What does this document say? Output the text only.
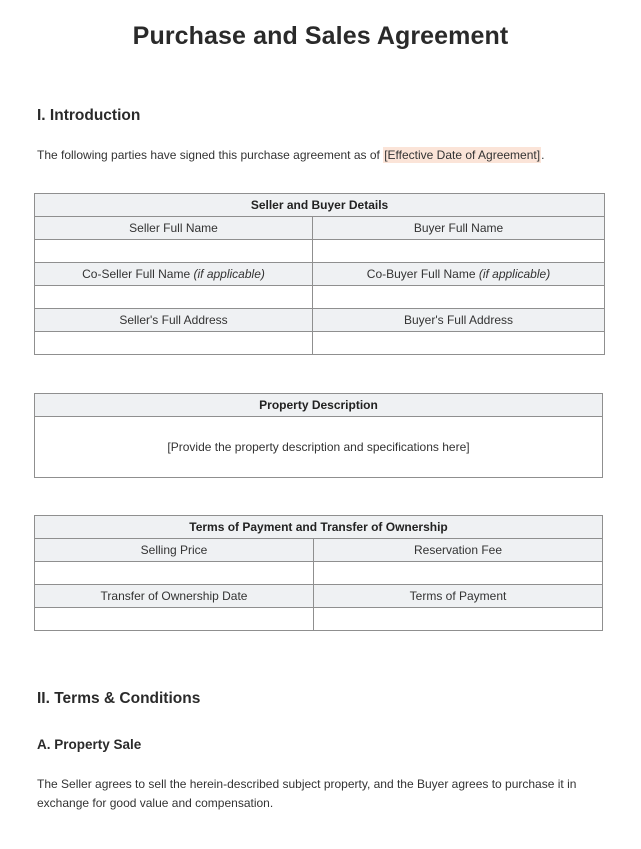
Purchase and Sales Agreement
I. Introduction

The following parties have signed this purchase agreement as of [Effective Date of Agreement].

Seller and Buyer Details	
Seller Full Name	Buyer Full Name

Co-Seller Full Name (if applicable)	Co-Buyer Full Name (if applicable)

Seller's Full Address	Buyer's Full Address

Property Description
[Provide the property description and specifications here]
Terms of Payment and Transfer of Ownership	
Selling Price	Reservation Fee

Transfer of Ownership Date	Terms of Payment

II. Terms & Conditions
A. Property Sale

The Seller agrees to sell the herein-described subject property, and the Buyer agrees to purchase it in exchange for good value and compensation.
